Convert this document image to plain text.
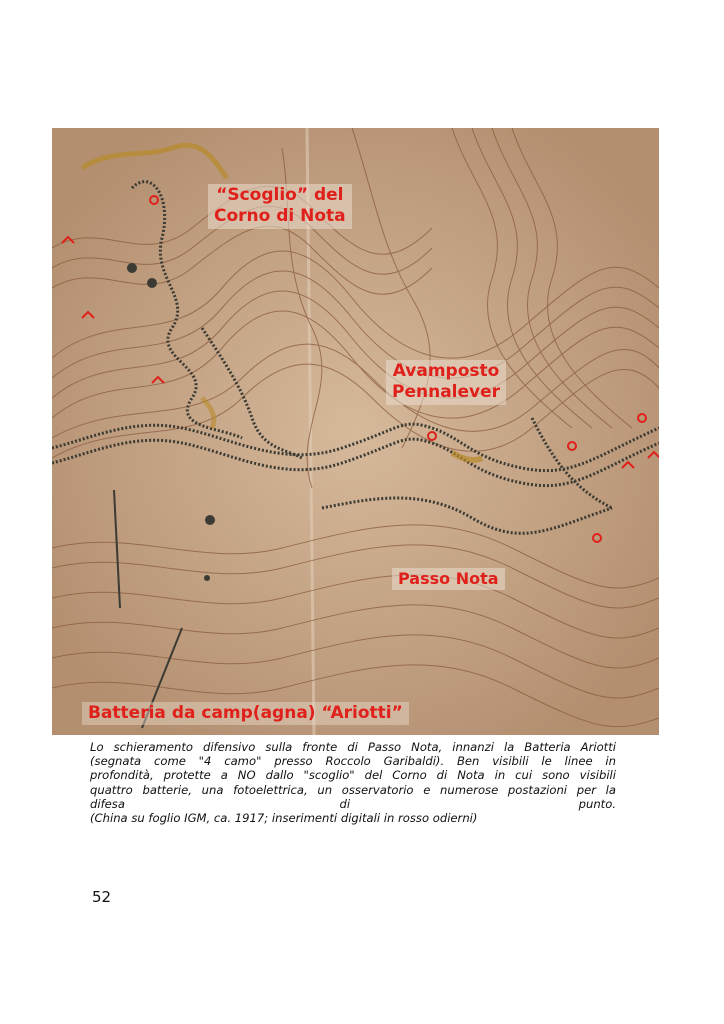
“Scoglio” del
Corno di Nota
Avamposto
Pennalever
Passo Nota
Batteria da camp(agna) “Ariotti”

Lo schieramento difensivo sulla fronte di Passo Nota, innanzi la Batteria Ariotti

(segnata come "4 camo" presso Roccolo Garibaldi). Ben visibili le linee in

profondità, protette a NO dallo "scoglio" del Corno di Nota in cui sono visibili

quattro batterie, una fotoelettrica, un osservatorio e numerose postazioni per la

difesa                                              di                                                 punto.

(China su foglio IGM, ca. 1917; inserimenti digitali in rosso odierni)

52
